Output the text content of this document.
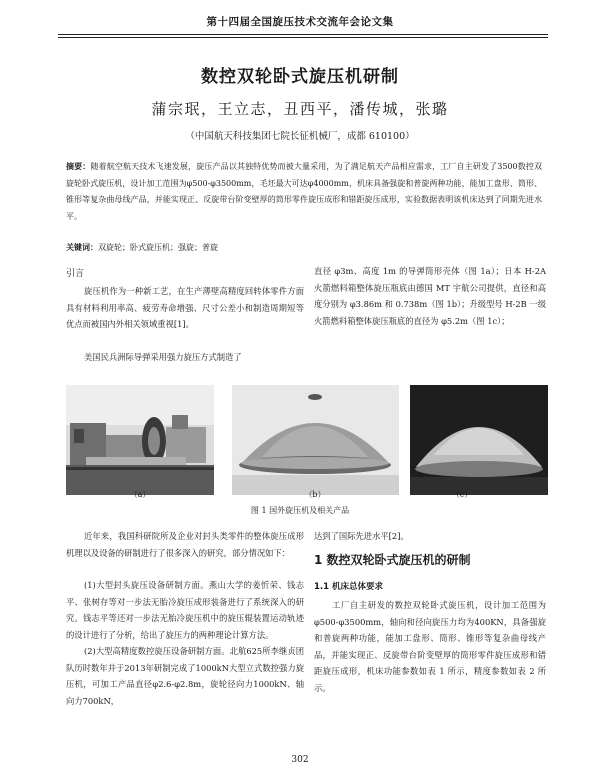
第十四届全国旋压技术交流年会论文集
数控双轮卧式旋压机研制
蒲宗珉，王立志，丑西平，潘传城，张璐
（中国航天科技集团七院长征机械厂，成都 610100）
摘要：随着航空航天技术飞速发展，旋压产品以其独特优势而被大量采用，为了满足航天产品相应需求，工厂自主研发了3500数控双旋轮卧式旋压机，设计加工范围为φ500-φ3500mm，毛坯最大可达φ4000mm，机床具备强旋和普旋两种功能，能加工盘形、筒形、锥形等复杂曲母线产品，并能实现正、反旋带台阶变壁厚的筒形零件旋压成形和错距旋压成形，实验数据表明该机床达到了同期先进水平。
关键词：双旋轮；卧式旋压机；强旋；普旋
引言
旋压机作为一种新工艺，在生产薄壁高精度回转体零件方面具有材料利用率高、疲劳寿命增强、尺寸公差小和制造周期短等优点而被国内外相关领域重视[1]。
美国民兵洲际导弹采用强力旋压方式制造了
直径 φ3m、高度 1m 的导弹筒形壳体（图 1a）；日本 H-2A 火箭燃料箱整体旋压瓶底由德国 MT 宇航公司提供，直径和高度分别为 φ3.86m 和 0.738m（图 1b）；升级型号 H-2B 一级火箭燃料箱整体旋压瓶底的直径为 φ5.2m（图 1c）；
（a）	（b）	（c）
图 1 国外旋压机及相关产品
近年来，我国科研院所及企业对封头类零件的整体旋压成形机理以及设备的研制进行了很多深入的研究，部分情况如下：
(1)大型封头旋压设备研制方面。燕山大学的姜忻荣、钱志平、张树存等对一步法无胎冷旋压成形装备进行了系统深入的研究。钱志平等还对一步法无胎冷旋压机中的旋压辊装置运动轨迹的设计进行了分析，给出了旋压力的两种理论计算方法。
(2)大型高精度数控旋压设备研制方面。北航625所李继贞团队历时数年并于2013年研制完成了1000kN大型立式数控强力旋压机，可加工产品直径φ2.6-φ2.8m，旋轮径向力1000kN、轴向力700kN，
达到了国际先进水平[2]。
1 数控双轮卧式旋压机的研制
1.1 机床总体要求
工厂自主研发的数控双轮卧式旋压机，设计加工范围为 φ500-φ3500mm，轴向和径向旋压力均为400KN，具备强旋和普旋两种功能，能加工盘形、筒形、锥形等复杂曲母线产品，并能实现正、反旋带台阶变壁厚的筒形零件旋压成形和错距旋压成形，机床功能参数如表 1 所示，精度参数如表 2 所示。
302
